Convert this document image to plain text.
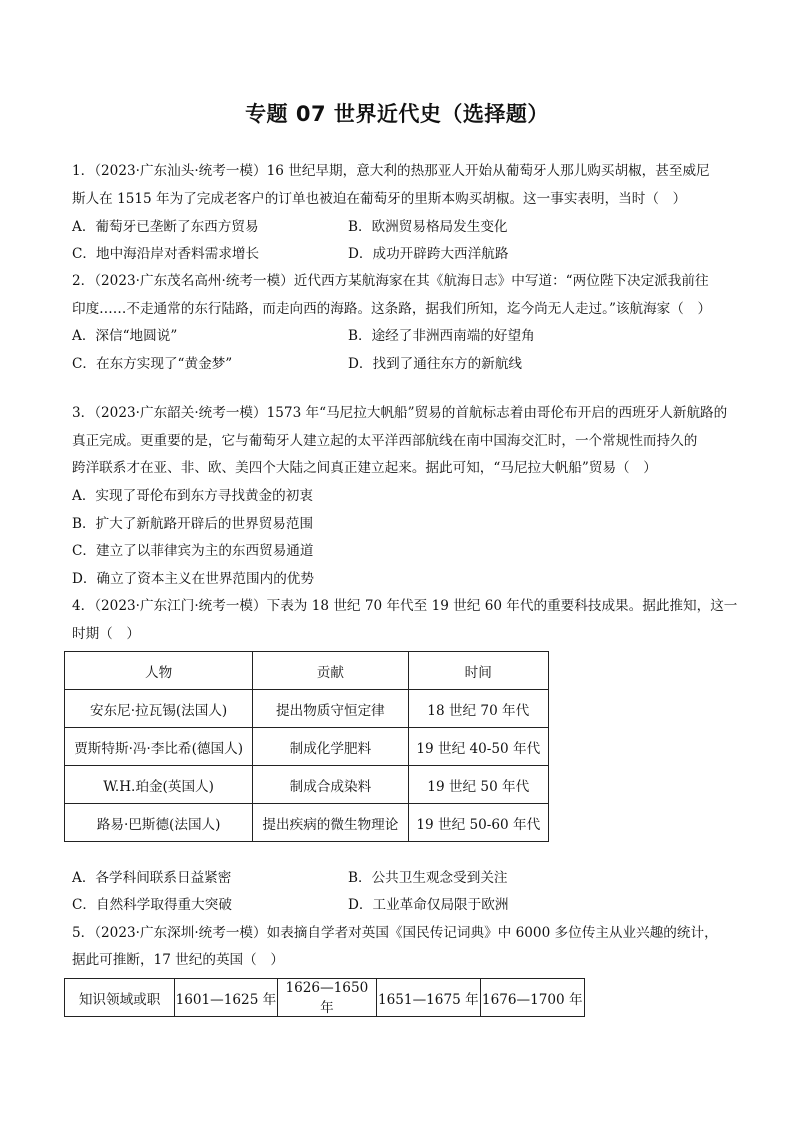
专题 07 世界近代史（选择题）
1．（2023·广东汕头·统考一模）16 世纪早期，意大利的热那亚人开始从葡萄牙人那儿购买胡椒，甚至威尼
斯人在 1515 年为了完成老客户的订单也被迫在葡萄牙的里斯本购买胡椒。这一事实表明，当时（　）
A．葡萄牙已垄断了东西方贸易	B．欧洲贸易格局发生变化
C．地中海沿岸对香料需求增长	D．成功开辟跨大西洋航路
2．（2023·广东茂名高州·统考一模）近代西方某航海家在其《航海日志》中写道：“两位陛下决定派我前往
印度……不走通常的东行陆路，而走向西的海路。这条路，据我们所知，迄今尚无人走过。”该航海家（　）
A．深信“地圆说”	B．途经了非洲西南端的好望角
C．在东方实现了“黄金梦”	D．找到了通往东方的新航线
3．（2023·广东韶关·统考一模）1573 年“马尼拉大帆船”贸易的首航标志着由哥伦布开启的西班牙人新航路的
真正完成。更重要的是，它与葡萄牙人建立起的太平洋西部航线在南中国海交汇时，一个常规性而持久的
跨洋联系才在亚、非、欧、美四个大陆之间真正建立起来。据此可知，“马尼拉大帆船”贸易（　）
A．实现了哥伦布到东方寻找黄金的初衷
B．扩大了新航路开辟后的世界贸易范围
C．建立了以菲律宾为主的东西贸易通道
D．确立了资本主义在世界范围内的优势
4．（2023·广东江门·统考一模）下表为 18 世纪 70 年代至 19 世纪 60 年代的重要科技成果。据此推知，这一
时期（　）
人物	贡献	时间
安东尼·拉瓦锡(法国人)	提出物质守恒定律	18 世纪 70 年代
贾斯特斯·冯·李比希(德国人)	制成化学肥料	19 世纪 40-50 年代
W.H.珀金(英国人)	制成合成染料	19 世纪 50 年代
路易·巴斯德(法国人)	提出疾病的微生物理论	19 世纪 50-60 年代
A．各学科间联系日益紧密	B．公共卫生观念受到关注
C．自然科学取得重大突破	D．工业革命仅局限于欧洲
5．（2023·广东深圳·统考一模）如表摘自学者对英国《国民传记词典》中 6000 多位传主从业兴趣的统计，
据此可推断，17 世纪的英国（　）
知识领域或职	1601—1625 年	1626—1650 年	1651—1675 年	1676—1700 年
